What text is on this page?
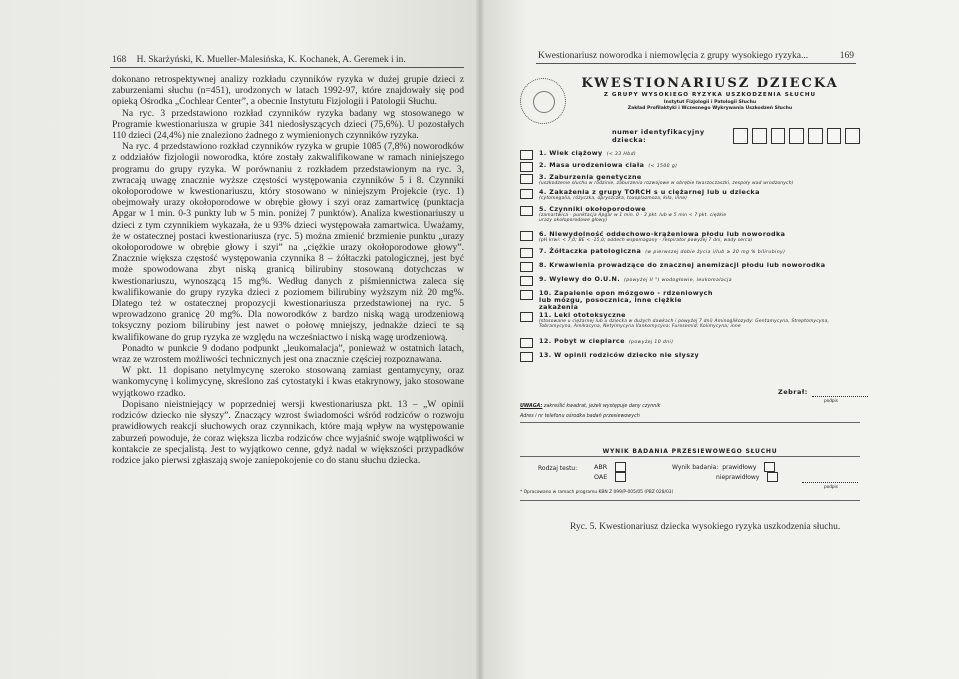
168 H. Skarżyński, K. Mueller-Malesińska, K. Kochanek, A. Geremek i in.

dokonano retrospektywnej analizy rozkładu czynników ryzyka w dużej grupie dzieci z zaburzeniami słuchu (n=451), urodzonych w latach 1992-97, które znajdowały się pod opieką Ośrodka „Cochlear Center”, a obecnie Instytutu Fizjologii i Patologii Słuchu.

Na ryc. 3 przedstawiono rozkład czynników ryzyka badany wg stosowanego w Programie kwestionariusza w grupie 341 niedosłyszących dzieci (75,6%). U pozostałych 110 dzieci (24,4%) nie znaleziono żadnego z wymienionych czynników ryzyka.

Na ryc. 4 przedstawiono rozkład czynników ryzyka w grupie 1085 (7,8%) noworodków z oddziałów fizjologii noworodka, które zostały zakwalifikowane w ramach niniejszego programu do grupy ryzyka. W porównaniu z rozkładem przedstawionym na ryc. 3, zwracają uwagę znacznie wyższe częstości występowania czynników 5 i 8. Czynniki okołoporodowe w kwestionariuszu, który stosowano w niniejszym Projekcie (ryc. 1) obejmowały urazy okołoporodowe w obrębie głowy i szyi oraz zamartwicę (punktacja Apgar w 1 min. 0-3 punkty lub w 5 min. poniżej 7 punktów). Analiza kwestionariuszy u dzieci z tym czynnikiem wykazała, że u 93% dzieci występowała zamartwica. Uważamy, że w ostatecznej postaci kwestionariusza (ryc. 5) można zmienić brzmienie punktu „urazy okołoporodowe w obrębie głowy i szyi” na „ciężkie urazy okołoporodowe głowy”. Znacznie większa częstość występowania czynnika 8 – żółtaczki patologicznej, jest być może spowodowana zbyt niską granicą bilirubiny stosowaną dotychczas w kwestionariuszu, wynoszącą 15 mg%. Według danych z piśmiennictwa zaleca się kwalifikowanie do grupy ryzyka dzieci z poziomem bilirubiny wyższym niż 20 mg%. Dlatego też w ostatecznej propozycji kwestionariusza przedstawionej na ryc. 5 wprowadzono granicę 20 mg%. Dla noworodków z bardzo niską wagą urodzeniową toksyczny poziom bilirubiny jest nawet o połowę mniejszy, jednakże dzieci te są kwalifikowane do grup ryzyka ze względu na wcześniactwo i niską wagę urodzeniową.

Ponadto w punkcie 9 dodano podpunkt „leukomalacja”, ponieważ w ostatnich latach, wraz ze wzrostem możliwości technicznych jest ona znacznie częściej rozpoznawana.

W pkt. 11 dopisano netylmycynę szeroko stosowaną zamiast gentamycyny, oraz wankomycynę i kolimycynę, skreślono zaś cytostatyki i kwas etakrynowy, jako stosowane wyjątkowo rzadko.

Dopisano nieistniejący w poprzedniej wersji kwestionariusza pkt. 13 – „W opinii rodziców dziecko nie słyszy”. Znaczący wzrost świadomości wśród rodziców o rozwoju prawidłowych reakcji słuchowych oraz czynnikach, które mają wpływ na występowanie zaburzeń powoduje, że coraz większa liczba rodziców chce wyjaśnić swoje wątpliwości w kontakcie ze specjalistą. Jest to wyjątkowo cenne, gdyż nadal w większości przypadków rodzice jako pierwsi zgłaszają swoje zaniepokojenie co do stanu słuchu dziecka.

Kwestionariusz noworodka i niemowlęcia z grupy wysokiego ryzyka...	169
KWESTIONARIUSZ DZIECKA
Z GRUPY WYSOKIEGO RYZYKA USZKODZENIA SŁUCHU
Instytut Fizjologii i Patologii Słuchu
Zakład Profilaktyki i Wczesnego Wykrywania Uszkodzeń Słuchu
numer identyfikacyjny dziecka:
1. Wiek ciążowy (< 33 Hbd)
2. Masa urodzeniowa ciała (< 1500 g)
3. Zaburzenia genetyczne
(uszkodzenie słuchu w rodzinie, zaburzenia rozwojowe w obrębie twarzoczaszki, zespoły wad wrodzonych)
4. Zakażenia z grupy TORCH s u ciężarnej lub u dziecka
(cytomegalia, różyczka, opryszczka, toxoplazmoza, kiła, inne)
5. Czynniki okołoporodowe
(zamartwica - punktacja Apgar w 1 min. 0 - 3 pkt. lub w 5 min < 7 pkt. ciężkie urazy okołoporodowe głowy)
6. Niewydolność oddechowo-krążeniowa płodu lub noworodka
(pH krwi: < 7,0; BE < -15,0; oddech wspomagany - respirator powyżej 7 dni, wady serca)
7. Żółtaczka patologiczna (w pierwszej dobie życia i/lub ≥ 20 mg % bilirubiny)
8. Krwawienia prowadzące do znacznej anemizacji płodu lub noworodka
9. Wylewy do O.U.N. (powyżej II °) wodogłowie, leukomalacja
10. Zapalenie opon mózgowo - rdzeniowych lub mózgu, posocznica, inne ciężkie zakażenia
11. Leki ototoksyczne
(stosowane u ciężarnej lub u dziecka w dużych dawkach i powyżej 7 dni) Aminoglikozydy: Gentamycyna, Streptomycyna, Tobramycyna, Amikacyna, Netylmycyna Vankomycyna; Furosemid; Kolimycyna; inne
12. Pobyt w cieplarce (powyżej 10 dni)
13. W opinii rodziców dziecko nie słyszy
Zebrał:
podpis
UWAGA: zakreślić kwadrat, jeżeli występuje dany czynnik
Adres i nr telefonu ośrodka badań przesiewowych
WYNIK BADANIA PRZESIEWOWEGO SŁUCHU
Rodzaj testu:	ABR
OAE
Wynik badania:
prawidłowy
nieprawidłowy
podpis
* Opracowano w ramach programu KBN Z 099/P-005/05 (PBZ 028/03)
Ryc. 5. Kwestionariusz dziecka wysokiego ryzyka uszkodzenia słuchu.
